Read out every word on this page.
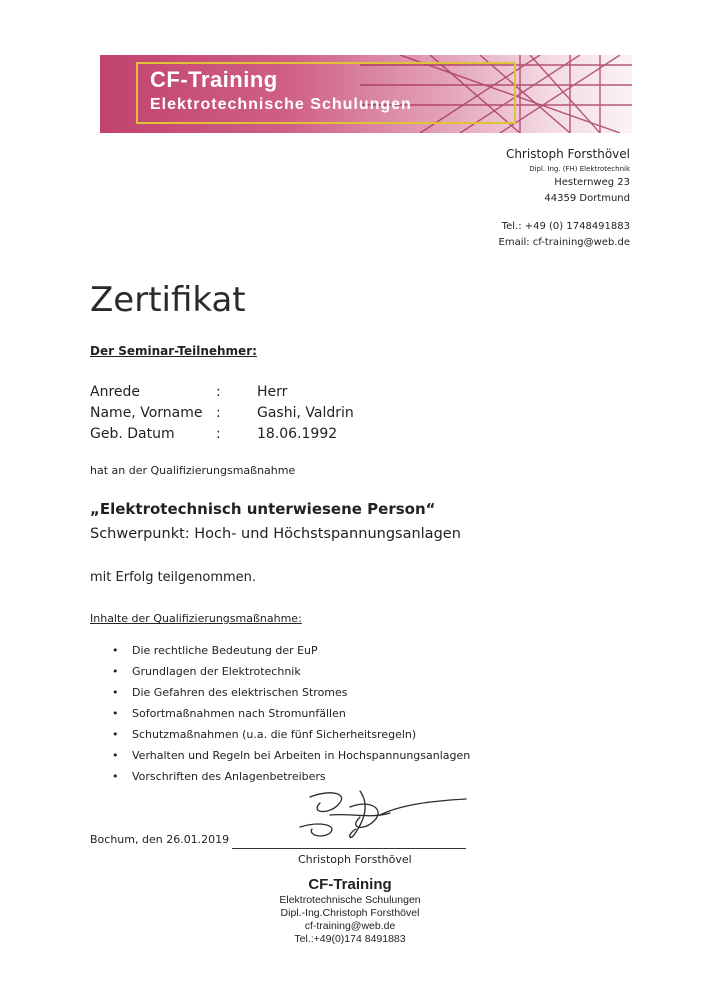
CF-Training
Elektrotechnische Schulungen
Christoph Forsthövel
Dipl. Ing. (FH) Elektrotechnik
Hesternweg 23
44359 Dortmund
Tel.: +49 (0) 1748491883
Email: cf-training@web.de
Zertifikat
Der Seminar-Teilnehmer:
Anrede	:	Herr
Name, Vorname :	Gashi, Valdrin
Geb. Datum	:	18.06.1992
hat an der Qualifizierungsmaßnahme
„Elektrotechnisch unterwiesene Person“
Schwerpunkt: Hoch- und Höchstspannungsanlagen
mit Erfolg teilgenommen.
Inhalte der Qualifizierungsmaßnahme:
• Die rechtliche Bedeutung der EuP
• Grundlagen der Elektrotechnik
• Die Gefahren des elektrischen Stromes
• Sofortmaßnahmen nach Stromunfällen
• Schutzmaßnahmen (u.a. die fünf Sicherheitsregeln)
• Verhalten und Regeln bei Arbeiten in Hochspannungsanlagen
• Vorschriften des Anlagenbetreibers
Bochum, den 26.01.2019
Christoph Forsthövel
CF-Training
Elektrotechnische Schulungen
Dipl.-Ing.Christoph Forsthövel
cf-training@web.de
Tel.:+49(0)174 8491883
